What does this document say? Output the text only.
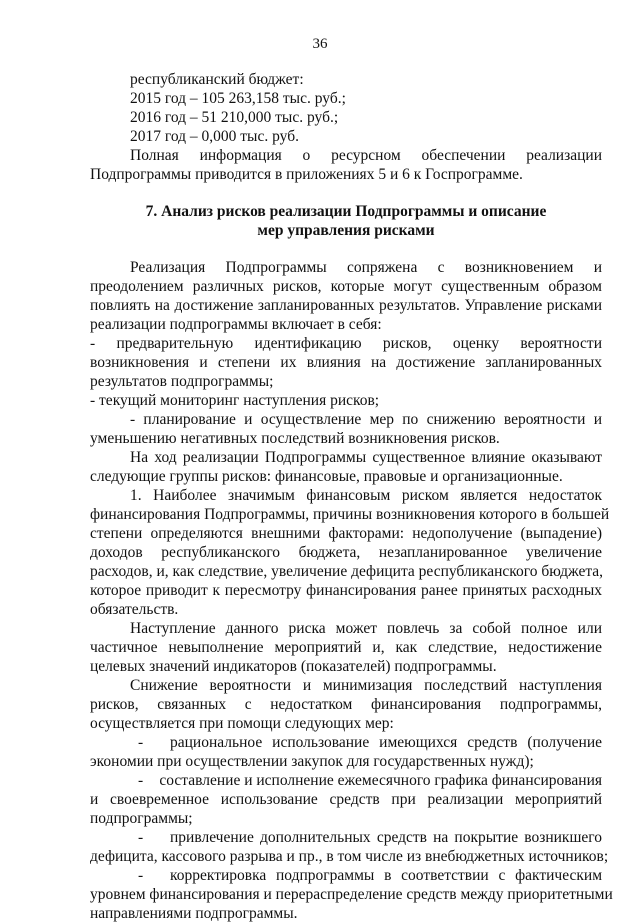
36
республиканский бюджет:
2015 год – 105 263,158 тыс. руб.;
2016 год – 51 210,000 тыс. руб.;
2017 год – 0,000 тыс. руб.
Полная информация о ресурсном обеспечении реализации
Подпрограммы приводится в приложениях 5 и 6 к Госпрограмме.
7. Анализ рисков реализации Подпрограммы и описание
мер управления рисками
Реализация Подпрограммы сопряжена с возникновением и
преодолением различных рисков, которые могут существенным образом
повлиять на достижение запланированных результатов. Управление рисками
реализации подпрограммы включает в себя:
- предварительную идентификацию рисков, оценку вероятности
возникновения и степени их влияния на достижение запланированных
результатов подпрограммы;
- текущий мониторинг наступления рисков;
- планирование и осуществление мер по снижению вероятности и
уменьшению негативных последствий возникновения рисков.
На ход реализации Подпрограммы существенное влияние оказывают
следующие группы рисков: финансовые, правовые и организационные.
1. Наиболее значимым финансовым риском является недостаток
финансирования Подпрограммы, причины возникновения которого в большей
степени определяются внешними факторами: недополучение (выпадение)
доходов республиканского бюджета, незапланированное увеличение
расходов, и, как следствие, увеличение дефицита республиканского бюджета,
которое приводит к пересмотру финансирования ранее принятых расходных
обязательств.
Наступление данного риска может повлечь за собой полное или
частичное невыполнение мероприятий и, как следствие, недостижение
целевых значений индикаторов (показателей) подпрограммы.
Снижение вероятности и минимизация последствий наступления
рисков, связанных с недостатком финансирования подпрограммы,
осуществляется при помощи следующих мер:
-	рациональное использование имеющихся средств (получение
экономии при осуществлении закупок для государственных нужд);
-	составление и исполнение ежемесячного графика финансирования
и своевременное использование средств при реализации мероприятий
подпрограммы;
-	привлечение дополнительных средств на покрытие возникшего
дефицита, кассового разрыва и пр., в том числе из внебюджетных источников;
-	корректировка подпрограммы в соответствии с фактическим
уровнем финансирования и перераспределение средств между приоритетными
направлениями подпрограммы.
